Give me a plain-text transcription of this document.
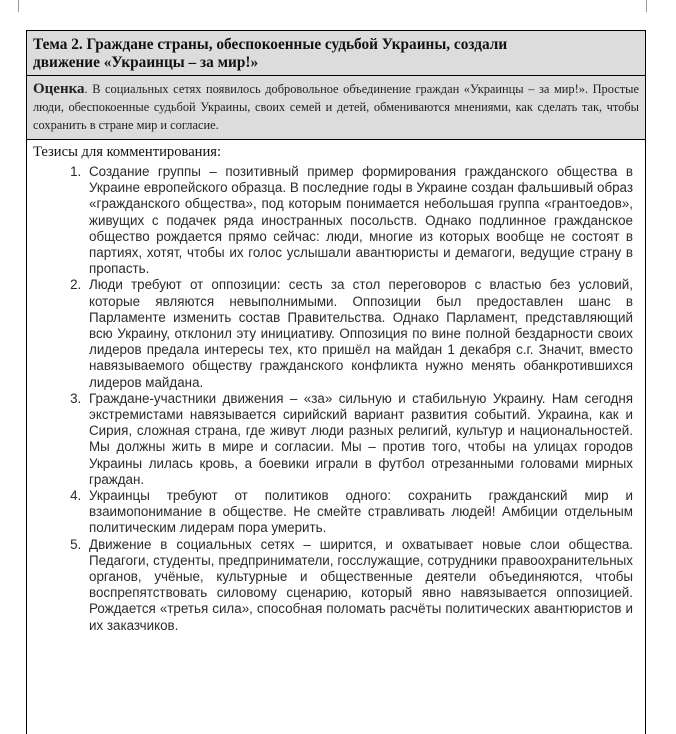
Тема 2. Граждане страны, обеспокоенные судьбой Украины, создали
движение «Украинцы – за мир!»
Оценка. В социальных сетях появилось добровольное объединение граждан «Украинцы – за мир!». Простые люди, обеспокоенные судьбой Украины, своих семей и детей, обмениваются мнениями, как сделать так, чтобы сохранить в стране мир и согласие.
Тезисы для комментирования:
1. Создание группы – позитивный пример формирования гражданского общества в Украине европейского образца. В последние годы в Украине создан фальшивый образ «гражданского общества», под которым понимается небольшая группа «грантоедов», живущих с подачек ряда иностранных посольств. Однако подлинное гражданское общество рождается прямо сейчас: люди, многие из которых вообще не состоят в партиях, хотят, чтобы их голос услышали авантюристы и демагоги, ведущие страну в пропасть.
2. Люди требуют от оппозиции: сесть за стол переговоров с властью без условий, которые являются невыполнимыми. Оппозиции был предоставлен шанс в Парламенте изменить состав Правительства. Однако Парламент, представляющий всю Украину, отклонил эту инициативу. Оппозиция по вине полной бездарности своих лидеров предала интересы тех, кто пришёл на майдан 1 декабря с.г. Значит, вместо навязываемого обществу гражданского конфликта нужно менять обанкротившихся лидеров майдана.
3. Граждане-участники движения – «за» сильную и стабильную Украину. Нам сегодня экстремистами навязывается сирийский вариант развития событий. Украина, как и Сирия, сложная страна, где живут люди разных религий, культур и национальностей. Мы должны жить в мире и согласии. Мы – против того, чтобы на улицах городов Украины лилась кровь, а боевики играли в футбол отрезанными головами мирных граждан.
4. Украинцы требуют от политиков одного: сохранить гражданский мир и взаимопонимание в обществе. Не смейте стравливать людей! Амбиции отдельным политическим лидерам пора умерить.
5. Движение в социальных сетях – ширится, и охватывает новые слои общества. Педагоги, студенты, предприниматели, госслужащие, сотрудники правоохранительных органов, учёные, культурные и общественные деятели объединяются, чтобы воспрепятствовать силовому сценарию, который явно навязывается оппозицией. Рождается «третья сила», способная поломать расчёты политических авантюристов и их заказчиков.
